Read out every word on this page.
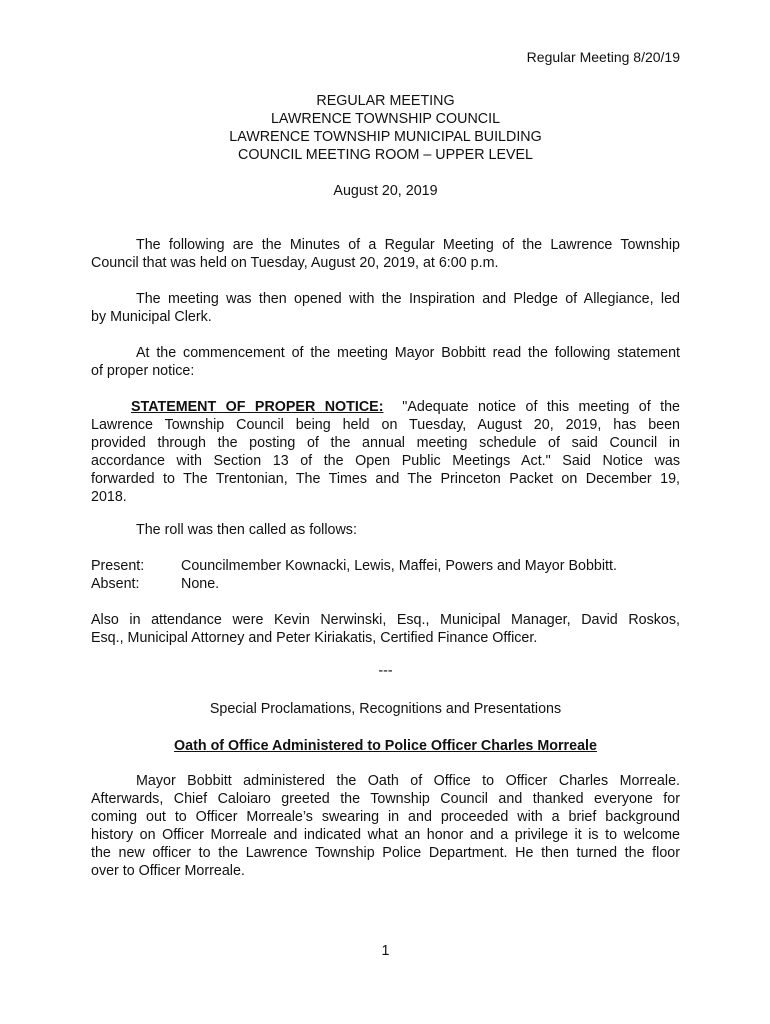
Regular Meeting 8/20/19
REGULAR MEETING
LAWRENCE TOWNSHIP COUNCIL
LAWRENCE TOWNSHIP MUNICIPAL BUILDING
COUNCIL MEETING ROOM – UPPER LEVEL
August 20, 2019
The following are the Minutes of a Regular Meeting of the Lawrence Township
Council that was held on Tuesday, August 20, 2019, at 6:00 p.m.
The meeting was then opened with the Inspiration and Pledge of Allegiance, led
by Municipal Clerk.
At the commencement of the meeting Mayor Bobbitt read the following statement
of proper notice:
STATEMENT OF PROPER NOTICE: "Adequate notice of this meeting of the
Lawrence Township Council being held on Tuesday, August 20, 2019, has been
provided through the posting of the annual meeting schedule of said Council in
accordance with Section 13 of the Open Public Meetings Act." Said Notice was
forwarded to The Trentonian, The Times and The Princeton Packet on December 19,
2018.
The roll was then called as follows:
Present:	Councilmember Kownacki, Lewis, Maffei, Powers and Mayor Bobbitt.
Absent:	None.
Also in attendance were Kevin Nerwinski, Esq., Municipal Manager, David Roskos,
Esq., Municipal Attorney and Peter Kiriakatis, Certified Finance Officer.
---
Special Proclamations, Recognitions and Presentations
Oath of Office Administered to Police Officer Charles Morreale
Mayor Bobbitt administered the Oath of Office to Officer Charles Morreale.
Afterwards, Chief Caloiaro greeted the Township Council and thanked everyone for
coming out to Officer Morreale’s swearing in and proceeded with a brief background
history on Officer Morreale and indicated what an honor and a privilege it is to welcome
the new officer to the Lawrence Township Police Department. He then turned the floor
over to Officer Morreale.
1
